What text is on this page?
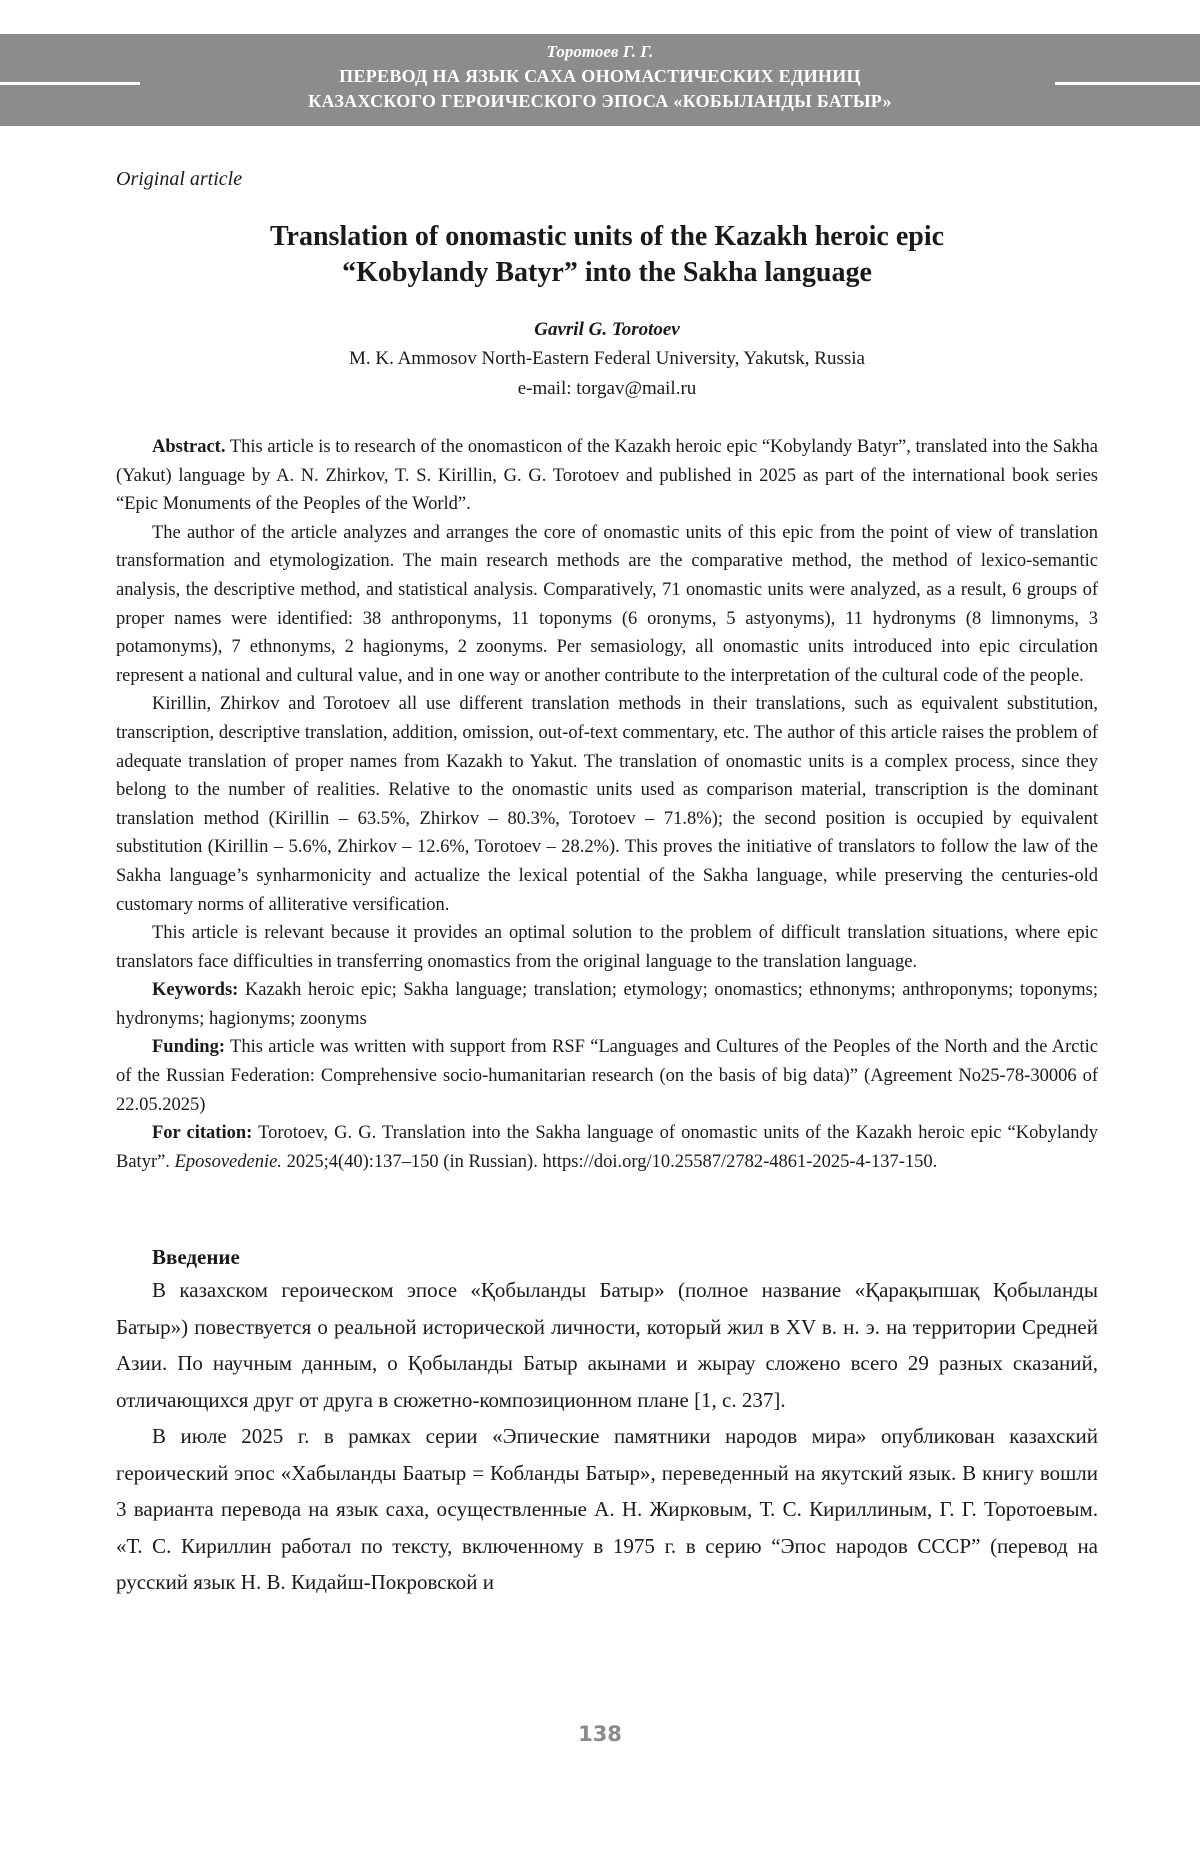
Торотоев Г. Г.
ПЕРЕВОД НА ЯЗЫК САХА ОНОМАСТИЧЕСКИХ ЕДИНИЦ
КАЗАХСКОГО ГЕРОИЧЕСКОГО ЭПОСА «КОБЫЛАНДЫ БАТЫР»
Original article
Translation of onomastic units of the Kazakh heroic epic
“Kobylandy Batyr” into the Sakha language
Gavril G. Torotoev
M. K. Ammosov North-Eastern Federal University, Yakutsk, Russia
e-mail: torgav@mail.ru

Abstract. This article is to research of the onomasticon of the Kazakh heroic epic “Kobylandy Batyr”, translated into the Sakha (Yakut) language by A. N. Zhirkov, T. S. Kirillin, G. G. Torotoev and published in 2025 as part of the international book series “Epic Monuments of the Peoples of the World”.

The author of the article analyzes and arranges the core of onomastic units of this epic from the point of view of translation transformation and etymologization. The main research methods are the comparative method, the method of lexico-semantic analysis, the descriptive method, and statistical analysis. Comparatively, 71 onomastic units were analyzed, as a result, 6 groups of proper names were identified: 38 anthroponyms, 11 toponyms (6 oronyms, 5 astyonyms), 11 hydronyms (8 limnonyms, 3 potamonyms), 7 ethnonyms, 2 hagionyms, 2 zoonyms. Per semasiology, all onomastic units introduced into epic circulation represent a national and cultural value, and in one way or another contribute to the interpretation of the cultural code of the people.

Kirillin, Zhirkov and Torotoev all use different translation methods in their translations, such as equivalent substitution, transcription, descriptive translation, addition, omission, out-of-text commentary, etc. The author of this article raises the problem of adequate translation of proper names from Kazakh to Yakut. The translation of onomastic units is a complex process, since they belong to the number of realities. Relative to the onomastic units used as comparison material, transcription is the dominant translation method (Kirillin – 63.5%, Zhirkov – 80.3%, Torotoev – 71.8%); the second position is occupied by equivalent substitution (Kirillin – 5.6%, Zhirkov – 12.6%, Torotoev – 28.2%). This proves the initiative of translators to follow the law of the Sakha language’s synharmonicity and actualize the lexical potential of the Sakha language, while preserving the centuries-old customary norms of alliterative versification.

This article is relevant because it provides an optimal solution to the problem of difficult translation situations, where epic translators face difficulties in transferring onomastics from the original language to the translation language.

Keywords: Kazakh heroic epic; Sakha language; translation; etymology; onomastics; ethnonyms; anthroponyms; toponyms; hydronyms; hagionyms; zoonyms

Funding: This article was written with support from RSF “Languages and Cultures of the Peoples of the North and the Arctic of the Russian Federation: Comprehensive socio-humanitarian research (on the basis of big data)” (Agreement No25-78-30006 of 22.05.2025)

For citation: Torotoev, G. G. Translation into the Sakha language of onomastic units of the Kazakh heroic epic “Kobylandy Batyr”. Eposovedenie. 2025;4(40):137–150 (in Russian). https://doi.org/10.25587/2782-4861-2025-4-137-150.

Введение

В казахском героическом эпосе «Қобыланды Батыр» (полное название «Қарақыпшақ Қобыланды Батыр») повествуется о реальной исторической личности, который жил в XV в. н. э. на территории Средней Азии. По научным данным, о Қобыланды Батыр акынами и жырау сложено всего 29 разных сказаний, отличающихся друг от друга в сюжетно-композиционном плане [1, с. 237].

В июле 2025 г. в рамках серии «Эпические памятники народов мира» опубликован казахский героический эпос «Хабыланды Баатыр = Кобланды Батыр», переведенный на якутский язык. В книгу вошли 3 варианта перевода на язык саха, осуществленные А. Н. Жирковым, Т. С. Кириллиным, Г. Г. Торотоевым. «Т. С. Кириллин работал по тексту, включенному в 1975 г. в серию “Эпос народов СССР” (перевод на русский язык Н. В. Кидайш-Покровской и

138
